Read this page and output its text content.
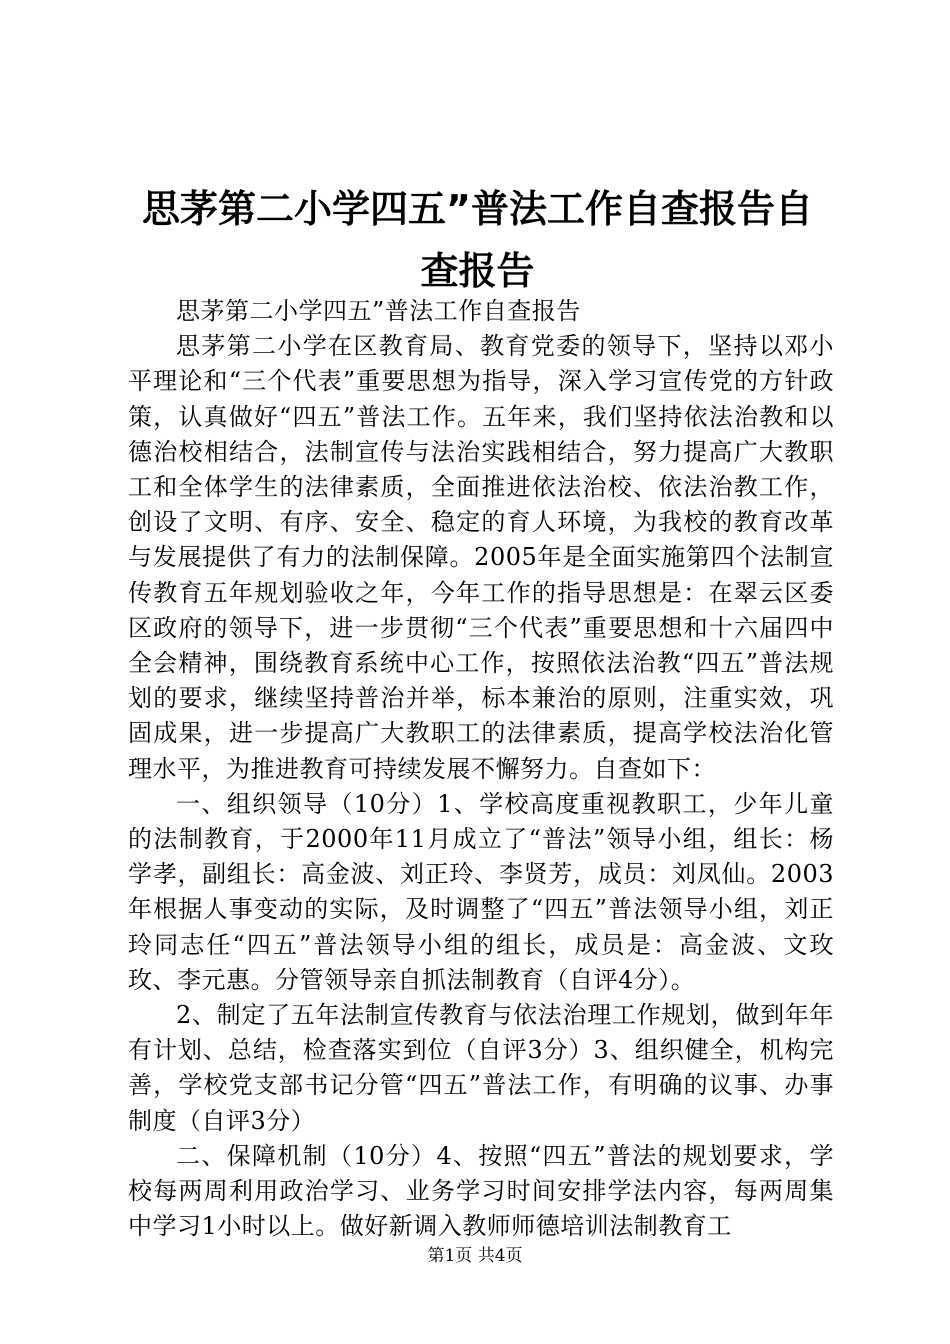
思茅第二小学四五”普法工作自查报告自查报告

思茅第二小学四五”普法工作自查报告

思茅第二小学在区教育局、教育党委的领导下，坚持以邓小平理论和“三个代表”重要思想为指导，深入学习宣传党的方针政策，认真做好“四五”普法工作。五年来，我们坚持依法治教和以德治校相结合，法制宣传与法治实践相结合，努力提高广大教职工和全体学生的法律素质，全面推进依法治校、依法治教工作，创设了文明、有序、安全、稳定的育人环境，为我校的教育改革与发展提供了有力的法制保障。2005年是全面实施第四个法制宣传教育五年规划验收之年，今年工作的指导思想是：在翠云区委区政府的领导下，进一步贯彻“三个代表”重要思想和十六届四中全会精神，围绕教育系统中心工作，按照依法治教“四五”普法规划的要求，继续坚持普治并举，标本兼治的原则，注重实效，巩固成果，进一步提高广大教职工的法律素质，提高学校法治化管理水平，为推进教育可持续发展不懈努力。自查如下：

一、组织领导（10分）1、学校高度重视教职工，少年儿童的法制教育，于2000年11月成立了“普法”领导小组，组长：杨学孝，副组长：高金波、刘正玲、李贤芳，成员：刘凤仙。2003年根据人事变动的实际，及时调整了“四五”普法领导小组，刘正玲同志任“四五”普法领导小组的组长，成员是：高金波、文玫玫、李元惠。分管领导亲自抓法制教育（自评4分）。

2、制定了五年法制宣传教育与依法治理工作规划，做到年年有计划、总结，检查落实到位（自评3分）3、组织健全，机构完善，学校党支部书记分管“四五”普法工作，有明确的议事、办事制度（自评3分）

二、保障机制（10分）4、按照“四五”普法的规划要求，学校每两周利用政治学习、业务学习时间安排学法内容，每两周集中学习1小时以上。做好新调入教师师德培训法制教育工

第1页 共4页
